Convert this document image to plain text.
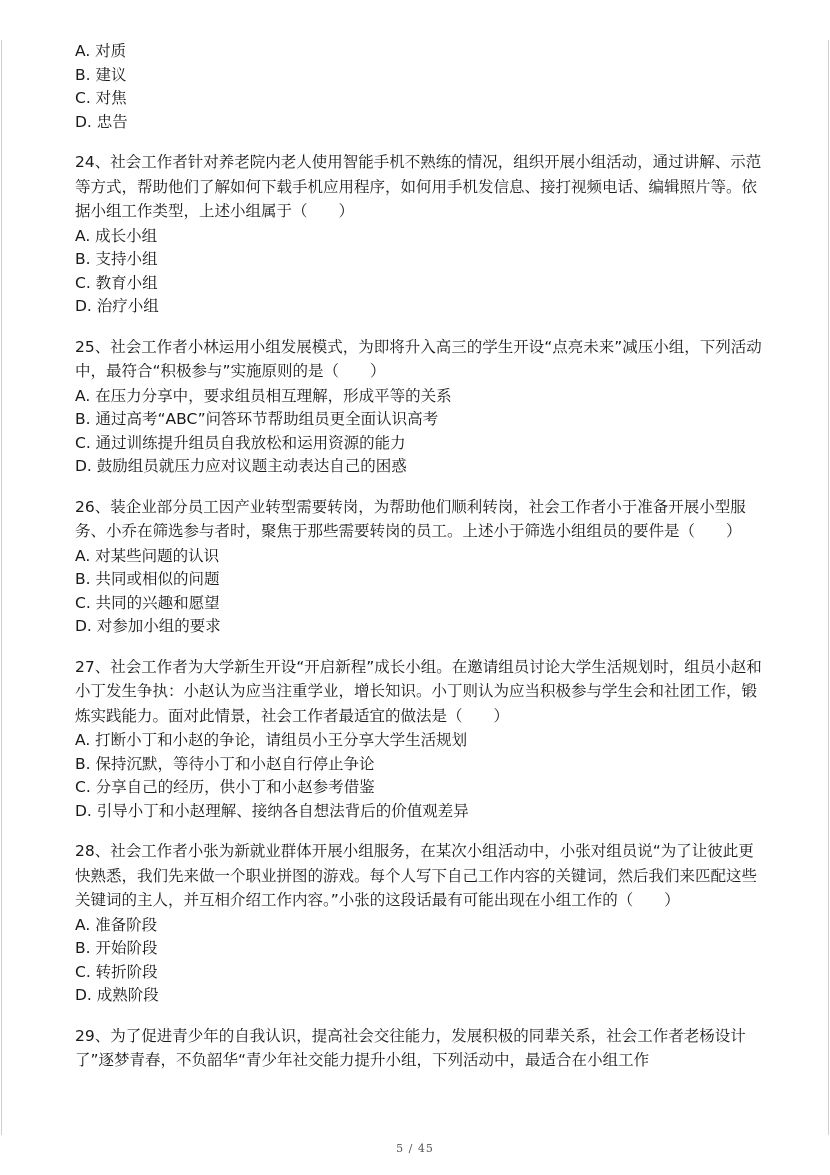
A. 对质
B. 建议
C. 对焦
D. 忠告
24、社会工作者针对养老院内老人使用智能手机不熟练的情况，组织开展小组活动，通过讲解、示范等方式，帮助他们了解如何下载手机应用程序，如何用手机发信息、接打视频电话、编辑照片等。依据小组工作类型，上述小组属于（　　）
A. 成长小组
B. 支持小组
C. 教育小组
D. 治疗小组
25、社会工作者小林运用小组发展模式，为即将升入高三的学生开设“点亮未来”减压小组，下列活动中，最符合“积极参与”实施原则的是（　　）
A. 在压力分享中，要求组员相互理解，形成平等的关系
B. 通过高考“ABC”问答环节帮助组员更全面认识高考
C. 通过训练提升组员自我放松和运用资源的能力
D. 鼓励组员就压力应对议题主动表达自己的困惑
26、装企业部分员工因产业转型需要转岗，为帮助他们顺利转岗，社会工作者小于准备开展小型服务、小乔在筛选参与者时，聚焦于那些需要转岗的员工。上述小于筛选小组组员的要件是（　　）
A. 对某些问题的认识
B. 共同或相似的问题
C. 共同的兴趣和愿望
D. 对参加小组的要求
27、社会工作者为大学新生开设“开启新程”成长小组。在邀请组员讨论大学生活规划时，组员小赵和小丁发生争执：小赵认为应当注重学业，增长知识。小丁则认为应当积极参与学生会和社团工作，锻炼实践能力。面对此情景，社会工作者最适宜的做法是（　　）
A. 打断小丁和小赵的争论，请组员小王分享大学生活规划
B. 保持沉默，等待小丁和小赵自行停止争论
C. 分享自己的经历，供小丁和小赵参考借鉴
D. 引导小丁和小赵理解、接纳各自想法背后的价值观差异
28、社会工作者小张为新就业群体开展小组服务，在某次小组活动中，小张对组员说“为了让彼此更快熟悉，我们先来做一个职业拼图的游戏。每个人写下自己工作内容的关键词，然后我们来匹配这些关键词的主人，并互相介绍工作内容。”小张的这段话最有可能出现在小组工作的（　　）
A. 准备阶段
B. 开始阶段
C. 转折阶段
D. 成熟阶段
29、为了促进青少年的自我认识，提高社会交往能力，发展积极的同辈关系，社会工作者老杨设计了”逐梦青春，不负韶华“青少年社交能力提升小组，下列活动中，最适合在小组工作
5 / 45
